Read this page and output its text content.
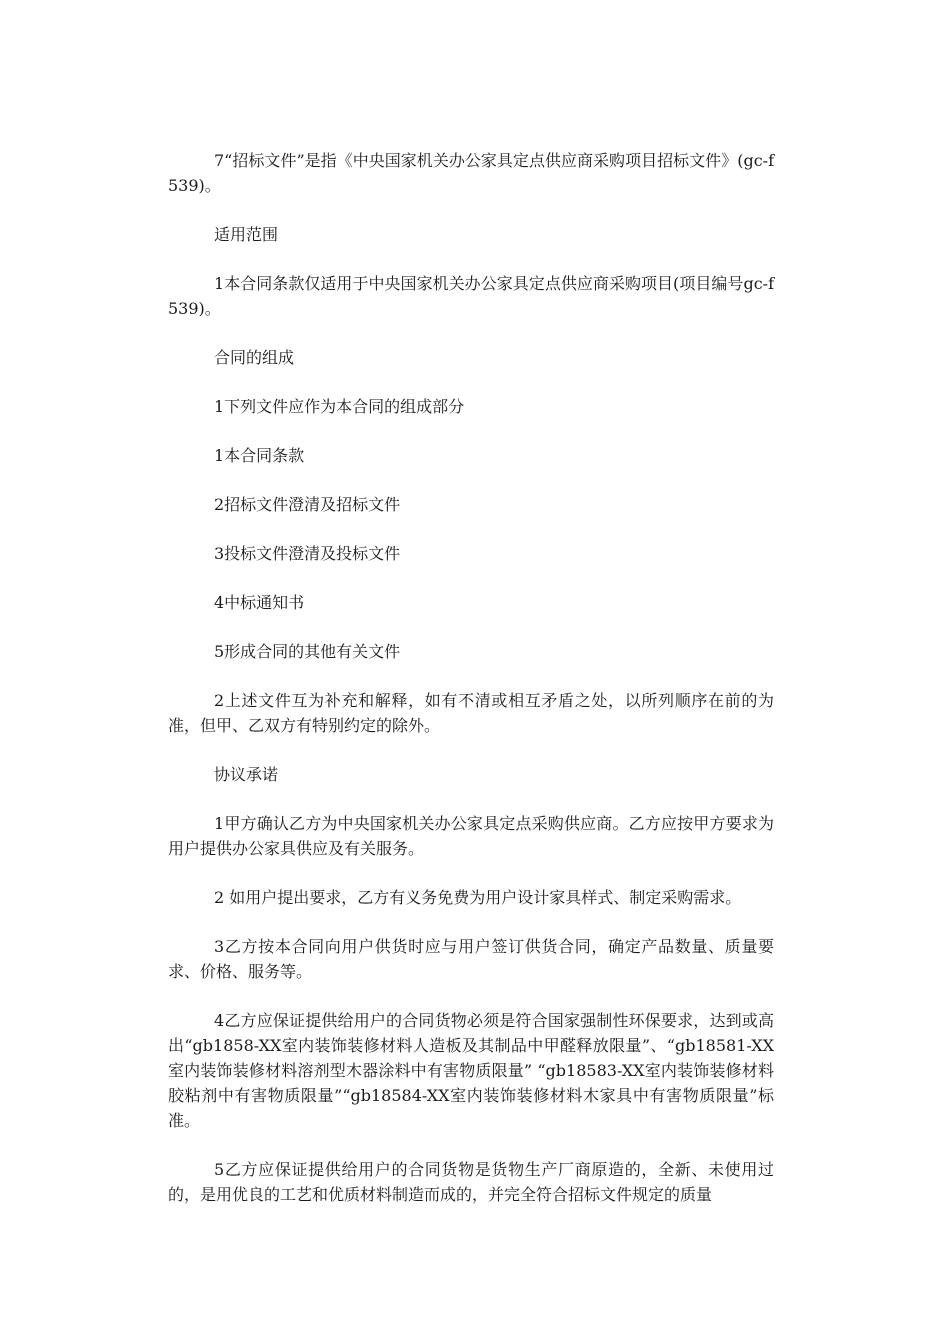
7“招标文件”是指《中央国家机关办公家具定点供应商采购项目招标文件》(gc-f539)。

适用范围

1本合同条款仅适用于中央国家机关办公家具定点供应商采购项目(项目编号gc-f539)。

合同的组成

1下列文件应作为本合同的组成部分

1本合同条款

2招标文件澄清及招标文件

3投标文件澄清及投标文件

4中标通知书

5形成合同的其他有关文件

2上述文件互为补充和解释，如有不清或相互矛盾之处，以所列顺序在前的为准，但甲、乙双方有特别约定的除外。

协议承诺

1甲方确认乙方为中央国家机关办公家具定点采购供应商。乙方应按甲方要求为用户提供办公家具供应及有关服务。

2 如用户提出要求，乙方有义务免费为用户设计家具样式、制定采购需求。

3乙方按本合同向用户供货时应与用户签订供货合同，确定产品数量、质量要求、价格、服务等。

4乙方应保证提供给用户的合同货物必须是符合国家强制性环保要求，达到或高出“gb1858-XX室内装饰装修材料人造板及其制品中甲醛释放限量”、“gb18581-XX室内装饰装修材料溶剂型木器涂料中有害物质限量” “gb18583-XX室内装饰装修材料胶粘剂中有害物质限量”“gb18584-XX室内装饰装修材料木家具中有害物质限量”标准。

5乙方应保证提供给用户的合同货物是货物生产厂商原造的，全新、未使用过的，是用优良的工艺和优质材料制造而成的，并完全符合招标文件规定的质量
